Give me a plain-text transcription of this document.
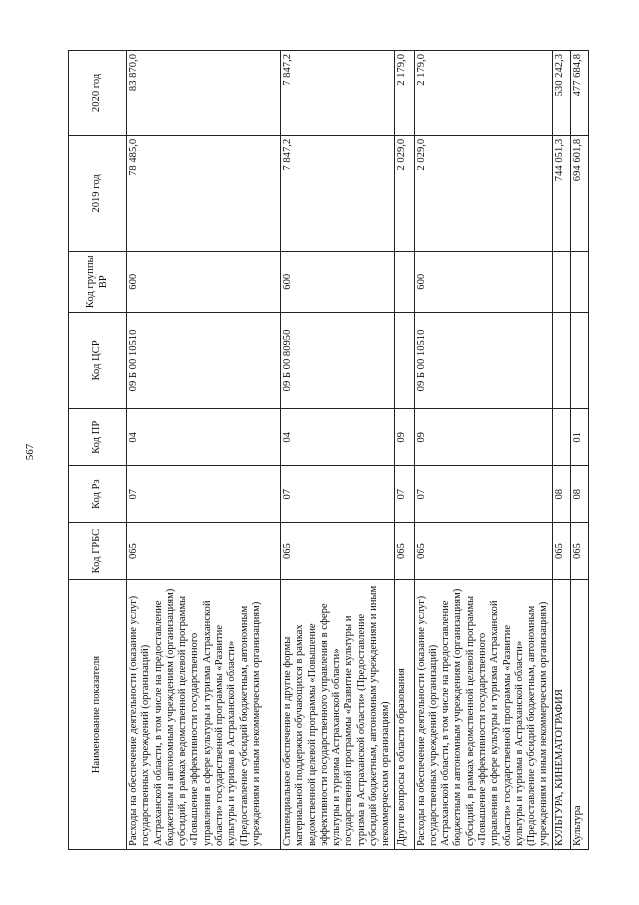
567
Наименование показателя	Код ГРБС	Код Рз	Код ПР	Код ЦСР	Код группы ВР	2019 год	2020 год
Расходы на обеспечение деятельности (оказание услуг) государственных учреждений (организаций) Астраханской области, в том числе на предоставление бюджетным и автономным учреждениям (организациям) субсидий, в рамках ведомственной целевой программы «Повышение эффективности государственного управления в сфере культуры и туризма Астраханской области» государственной программы «Развитие культуры и туризма в Астраханской области» (Предоставление субсидий бюджетным, автономным учреждениям и иным некоммерческим организациям)	065	07	04	09 Б 00 10510	600	78 485,0	83 870,0
Стипендиальное обеспечение и другие формы материальной поддержки обучающихся в рамках ведомственной целевой программы «Повышение эффективности государственного управления в сфере культуры и туризма Астраханской области» государственной программы «Развитие культуры и туризма в Астраханской области» (Предоставление субсидий бюджетным, автономным учреждениям и иным некоммерческим организациям)	065	07	04	09 Б 00 80950	600	7 847,2	7 847,2
Другие вопросы в области образования	065	07	09			2 029,0	2 179,0
Расходы на обеспечение деятельности (оказание услуг) государственных учреждений (организаций) Астраханской области, в том числе на предоставление бюджетным и автономным учреждениям (организациям) субсидий, в рамках ведомственной целевой программы «Повышение эффективности государственного управления в сфере культуры и туризма Астраханской области» государственной программы «Развитие культуры и туризма в Астраханской области» (Предоставление субсидий бюджетным, автономным учреждениям и иным некоммерческим организациям)	065	07	09	09 Б 00 10510	600	2 029,0	2 179,0
КУЛЬТУРА, КИНЕМАТОГРАФИЯ	065	08				744 051,3	530 242,3
Культура	065	08	01			694 601,8	477 684,8
